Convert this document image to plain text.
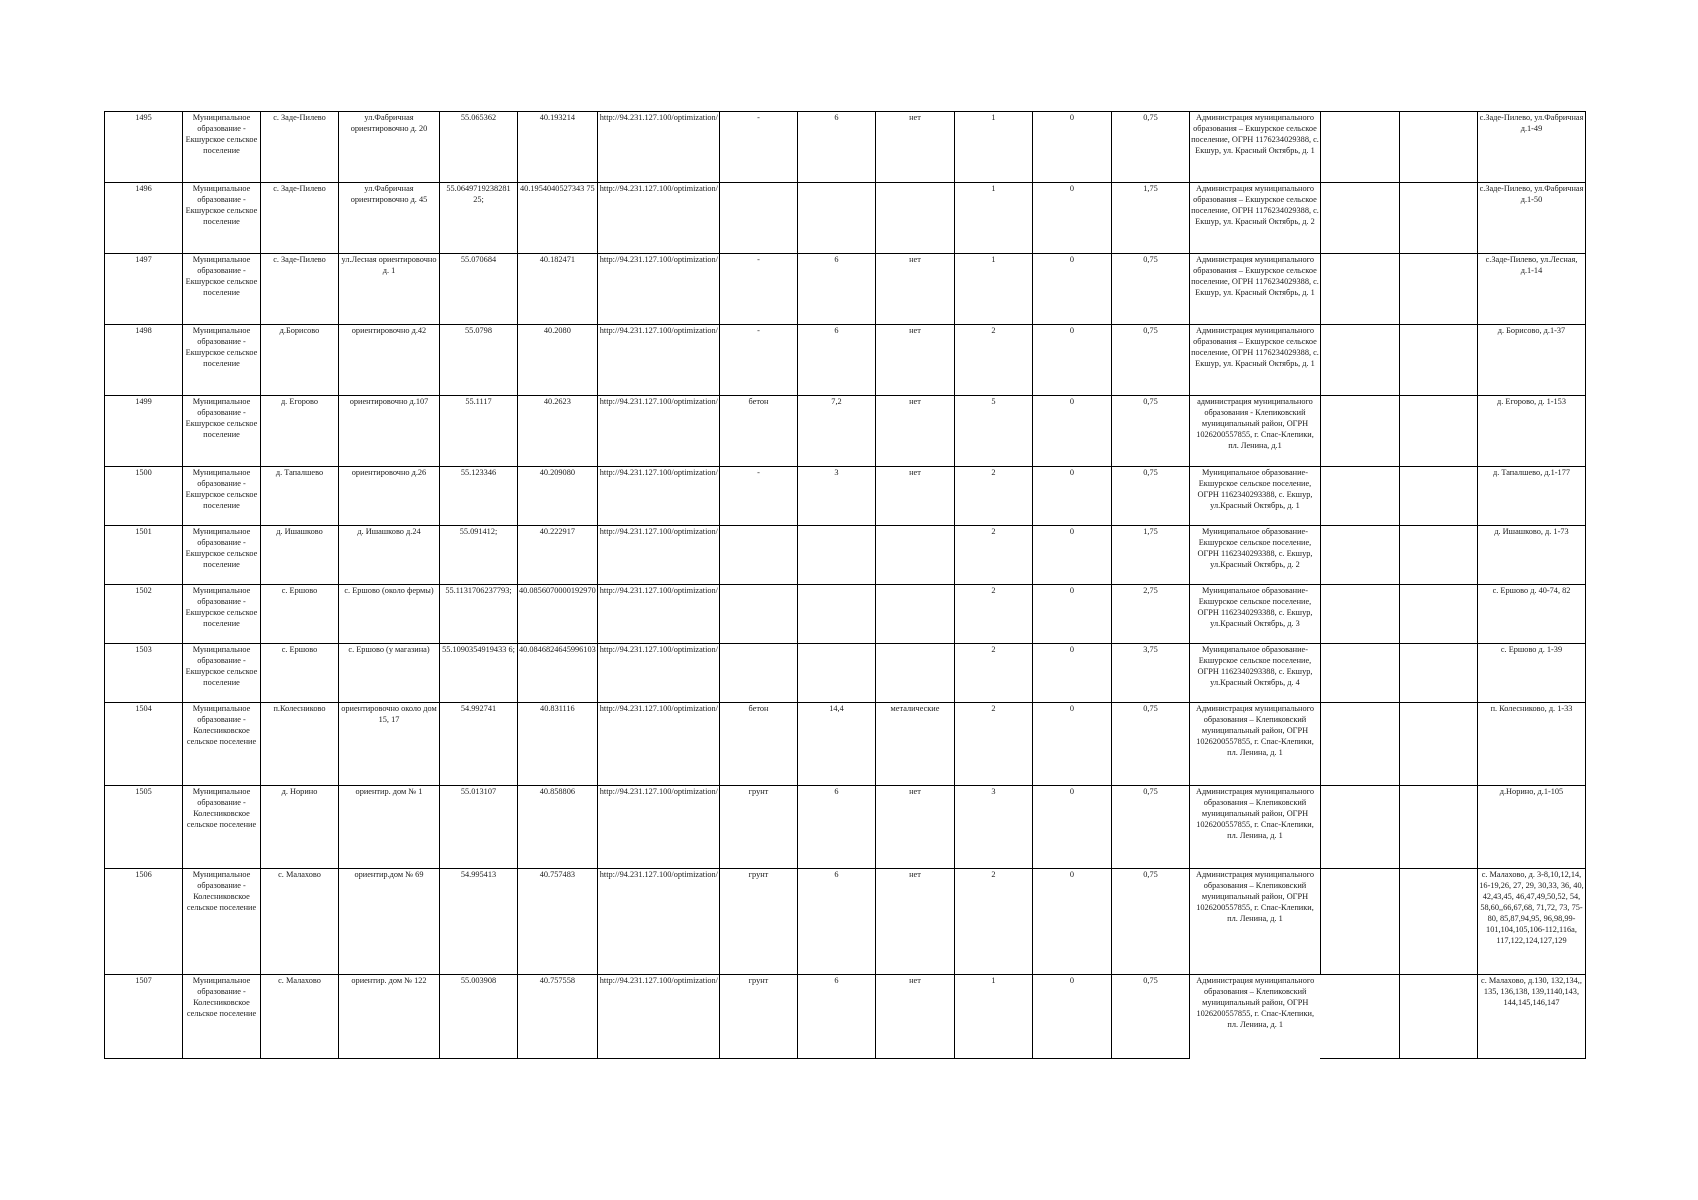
1495	Муниципальное образование - Екшурское сельское поселение	с. Заде-Пилево	ул.Фабричная ориентировочно д. 20	55.065362	40.193214	http://94.231.127.100/optimization/	-	6	нет	1	0	0,75	Администрация муниципального образования – Екшурское сельское поселение, ОГРН 1176234029388, с. Екшур, ул. Красный Октябрь, д. 1			с.Заде-Пилево, ул.Фабричная д.1-49
1496	Муниципальное образование - Екшурское сельское поселение	с. Заде-Пилево	ул.Фабричная ориентировочно д. 45	55.0649719238281 25;	40.1954040527343 75	http://94.231.127.100/optimization/				1	0	1,75	Администрация муниципального образования – Екшурское сельское поселение, ОГРН 1176234029388, с. Екшур, ул. Красный Октябрь, д. 2			с.Заде-Пилево, ул.Фабричная д.1-50
1497	Муниципальное образование - Екшурское сельское поселение	с. Заде-Пилево	ул.Лесная ориентировочно д. 1	55.070684	40.182471	http://94.231.127.100/optimization/	-	6	нет	1	0	0,75	Администрация муниципального образования – Екшурское сельское поселение, ОГРН 1176234029388, с. Екшур, ул. Красный Октябрь, д. 1			с.Заде-Пилево, ул.Лесная, д.1-14
1498	Муниципальное образование - Екшурское сельское поселение	д.Борисово	ориентировочно д.42	55.0798	40.2080	http://94.231.127.100/optimization/	-	6	нет	2	0	0,75	Администрация муниципального образования – Екшурское сельское поселение, ОГРН 1176234029388, с. Екшур, ул. Красный Октябрь, д. 1			д. Борисово, д.1-37
1499	Муниципальное образование - Екшурское сельское поселение	д. Егорово	ориентировочно д.107	55.1117	40.2623	http://94.231.127.100/optimization/	бетон	7,2	нет	5	0	0,75	администрация муниципального образования - Клепиковский муниципальный район, ОГРН 1026200557855, г. Спас-Клепики, пл. Ленина, д.1			д. Егорово, д. 1-153
1500	Муниципальное образование - Екшурское сельское поселение	д. Тапалшево	ориентировочно д.26	55.123346	40.209080	http://94.231.127.100/optimization/	-	3	нет	2	0	0,75	Муниципальное образование- Екшурское сельское поселение, ОГРН 1162340293388, с. Екшур, ул.Красный Октябрь, д. 1			д. Тапалшево, д.1-177
1501	Муниципальное образование - Екшурское сельское поселение	д. Ишашково	д. Ишашково д.24	55.091412;	40.222917	http://94.231.127.100/optimization/				2	0	1,75	Муниципальное образование- Екшурское сельское поселение, ОГРН 1162340293388, с. Екшур, ул.Красный Октябрь, д. 2			д. Ишашково, д. 1-73
1502	Муниципальное образование - Екшурское сельское поселение	с. Ершово	с. Ершово (около фермы)	55.1131706237793;	40.0856070000192970	http://94.231.127.100/optimization/				2	0	2,75	Муниципальное образование- Екшурское сельское поселение, ОГРН 1162340293388, с. Екшур, ул.Красный Октябрь, д. 3			с. Ершово д. 40-74, 82
1503	Муниципальное образование - Екшурское сельское поселение	с. Ершово	с. Ершово (у магазина)	55.1090354919433 6;	40.0846824645996103	http://94.231.127.100/optimization/				2	0	3,75	Муниципальное образование- Екшурское сельское поселение, ОГРН 1162340293388, с. Екшур, ул.Красный Октябрь, д. 4			с. Ершово д. 1-39
1504	Муниципальное образование - Колесниковское сельское поселение	п.Колесниково	ориентировочно около дом 15, 17	54.992741	40.831116	http://94.231.127.100/optimization/	бетон	14,4	металические	2	0	0,75	Администрация муниципального образования – Клепиковский муниципальный район, ОГРН 1026200557855, г. Спас-Клепики, пл. Ленина, д. 1			п. Колесниково, д. 1-33
1505	Муниципальное образование - Колесниковское сельское поселение	д. Норино	ориентир. дом № 1	55.013107	40.858806	http://94.231.127.100/optimization/	грунт	6	нет	3	0	0,75	Администрация муниципального образования – Клепиковский муниципальный район, ОГРН 1026200557855, г. Спас-Клепики, пл. Ленина, д. 1			д.Норино, д.1-105
1506	Муниципальное образование - Колесниковское сельское поселение	с. Малахово	ориентир.дом № 69	54.995413	40.757483	http://94.231.127.100/optimization/	грунт	6	нет	2	0	0,75	Администрация муниципального образования – Клепиковский муниципальный район, ОГРН 1026200557855, г. Спас-Клепики, пл. Ленина, д. 1			с. Малахово, д. 3-8,10,12,14, 16-19,26, 27, 29, 30,33, 36, 40, 42,43,45, 46,47,49,50,52, 54, 58,60,,66,67,68, 71,72, 73, 75-80, 85,87,94,95, 96,98,99-101,104,105,106-112,116а, 117,122,124,127,129
1507	Муниципальное образование - Колесниковское сельское поселение	с. Малахово	ориентир. дом № 122	55.003908	40.757558	http://94.231.127.100/optimization/	грунт	6	нет	1	0	0,75	Администрация муниципального образования – Клепиковский муниципальный район, ОГРН 1026200557855, г. Спас-Клепики, пл. Ленина, д. 1			с. Малахово, д.130, 132,134,, 135, 136,138, 139,1140,143, 144,145,146,147
